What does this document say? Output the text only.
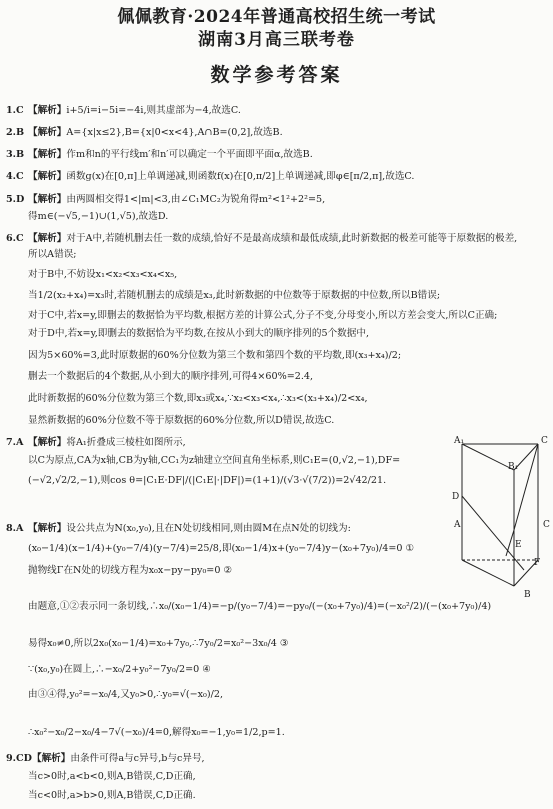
佩佩教育·2024年普通高校招生统一考试
湖南3月高三联考卷
数学参考答案
1.C 【解析】i+5/i=i−5i=−4i,则其虚部为−4,故选C.
2.B 【解析】A={x|x≤2},B={x|0<x<4},A∩B=(0,2],故选B.
3.B 【解析】作m和n的平行线m′和n′可以确定一个平面即平面α,故选B.
4.C 【解析】函数g(x)在[0,π]上单调递减,则函数f(x)在[0,π/2]上单调递减,即φ∈[π/2,π],故选C.
5.D 【解析】由两圆相交得1<|m|<3,由∠C₁MC₂为锐角得m²<1²+2²=5,
得m∈(−√5,−1)∪(1,√5),故选D.
6.C 【解析】对于A中,若随机删去任一数的成绩,恰好不是最高成绩和最低成绩,此时新数据的极差可能等于原数据的极差,
所以A错误;
对于B中,不妨设x₁<x₂<x₃<x₄<x₅,
当1/2(x₂+x₄)=x₃时,若随机删去的成绩是x₃,此时新数据的中位数等于原数据的中位数,所以B错误;
对于C中,若x=y,即删去的数据恰为平均数,根据方差的计算公式,分子不变,分母变小,所以方差会变大,所以C正确;
对于D中,若x=y,即删去的数据恰为平均数,在按从小到大的顺序排列的5个数据中,
因为5×60%=3,此时原数据的60%分位数为第三个数和第四个数的平均数,即(x₃+x₄)/2;
删去一个数据后的4个数据,从小到大的顺序排列,可得4×60%=2.4,
此时新数据的60%分位数为第三个数,即x₃或x₄,∵x₂<x₃<x₄,∴x₃<(x₃+x₄)/2<x₄,
显然新数据的60%分位数不等于原数据的60%分位数,所以D错误,故选C.
7.A 【解析】将A₁折叠成三棱柱如图所示,
以C为原点,CA为x轴,CB为y轴,CC₁为z轴建立空间直角坐标系,则C₁E=(0,√2,−1),DF=
(−√2,√2/2,−1),则cos θ=|C₁E·DF|/(|C₁E|·|DF|)=(1+1)/(√3·√(7/2))=2√42/21.
8.A 【解析】设公共点为N(x₀,y₀),且在N处切线相同,则由圆M在点N处的切线为:
(x₀−1/4)(x−1/4)+(y₀−7/4)(y−7/4)=25/8,即(x₀−1/4)x+(y₀−7/4)y−(x₀+7y₀)/4=0 ①
抛物线Γ在N处的切线方程为x₀x−py−py₀=0 ②
由题意,①②表示同一条切线,∴x₀/(x₀−1/4)=−p/(y₀−7/4)=−py₀/(−(x₀+7y₀)/4)=(−x₀²/2)/(−(x₀+7y₀)/4)
易得x₀≠0,所以2x₀(x₀−1/4)=x₀+7y₀,∴7y₀/2=x₀²−3x₀/4 ③
∵(x₀,y₀)在圆上,∴−x₀/2+y₀²−7y₀/2=0 ④
由③④得,y₀²=−x₀/4,又y₀>0,∴y₀=√(−x₀)/2,
∴x₀²−x₀/2−x₀/4−7√(−x₀)/4=0,解得x₀=−1,y₀=1/2,p=1.
9.CD【解析】由条件可得a与c异号,b与c异号,
当c>0时,a<b<0,则A,B错误,C,D正确,
当c<0时,a>b>0,则A,B错误,C,D正确.
A₁	C
B₁
D
E
A
F
B
C
